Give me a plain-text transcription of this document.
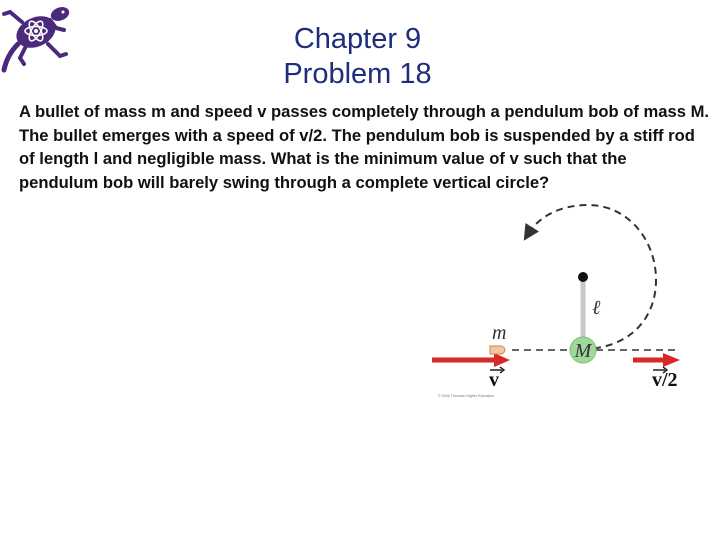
Chapter 9
Problem 18
A bullet of mass m and speed v passes completely through a pendulum bob of mass M. The bullet emerges with a speed of v/2. The pendulum bob is suspended by a stiff rod of length l and negligible mass. What is the minimum value of v such that the pendulum bob will barely swing through a complete vertical circle?
M
m
ℓ
v	v/2
© 2006 Thomson Higher Education
